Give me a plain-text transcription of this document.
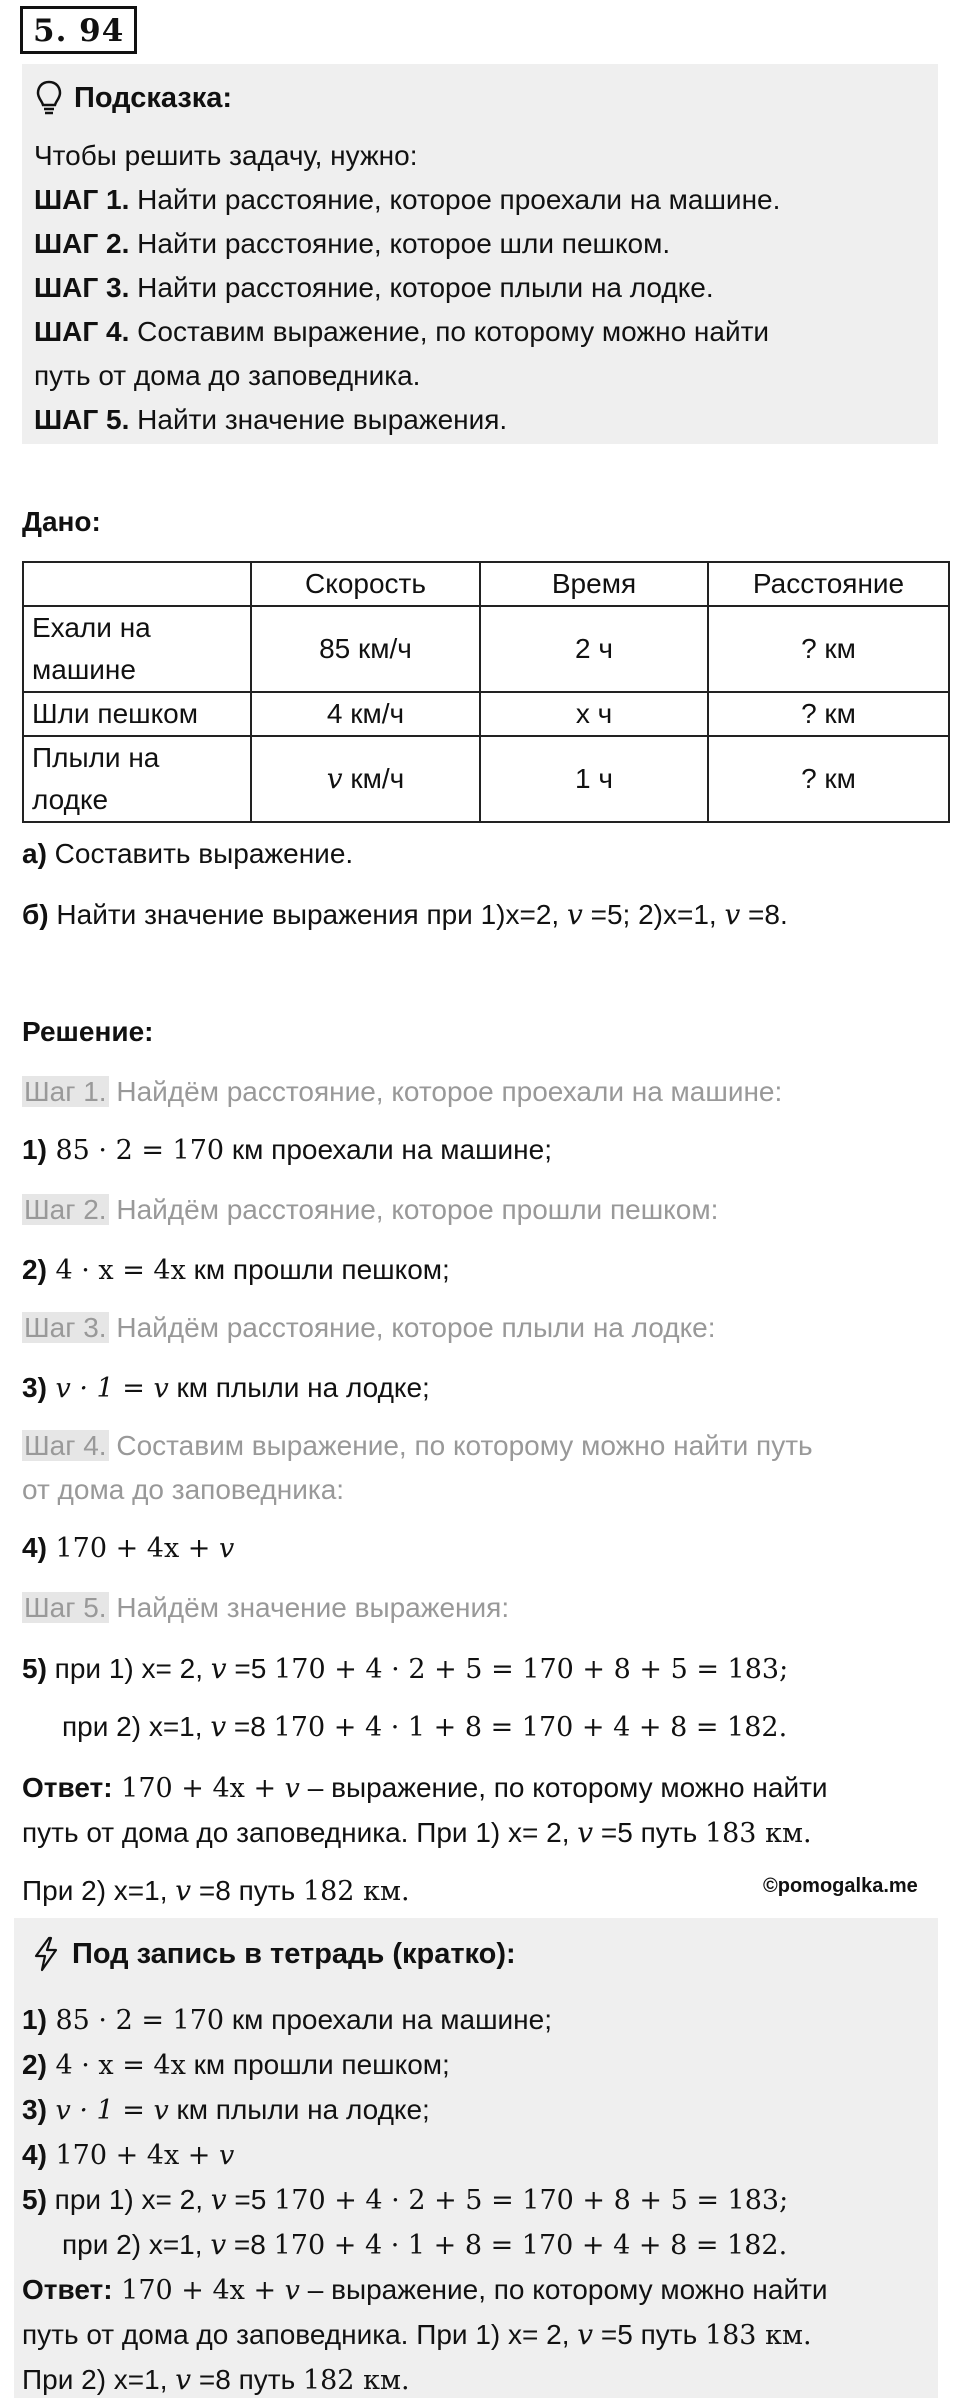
5. 94
Подсказка:
Чтобы решить задачу, нужно:
ШАГ 1. Найти расстояние, которое проехали на машине.
ШАГ 2. Найти расстояние, которое шли пешком.
ШАГ 3. Найти расстояние, которое плыли на лодке.
ШАГ 4. Составим выражение, по которому можно найти
путь от дома до заповедника.
ШАГ 5. Найти значение выражения.
Дано:
	Скорость	Время	Расстояние
Ехали на машине	85 км/ч	2 ч	? км
Шли пешком	4 км/ч	х ч	? км
Плыли на лодке	𝑣 км/ч	1 ч	? км
а) Составить выражение.
б) Найти значение выражения при 1)x=2, 𝑣 =5; 2)x=1, 𝑣 =8.
Решение:
Шаг 1. Найдём расстояние, которое проехали на машине:
1) 85 · 2 = 170 км проехали на машине;
Шаг 2. Найдём расстояние, которое прошли пешком:
2) 4 · x = 4x км прошли пешком;
Шаг 3. Найдём расстояние, которое плыли на лодке:
3) 𝑣 · 1 = 𝑣 км плыли на лодке;
Шаг 4. Составим выражение, по которому можно найти путь
от дома до заповедника:
4) 170 + 4x + 𝑣
Шаг 5. Найдём значение выражения:
5) при 1) x= 2, 𝑣 =5 170 + 4 · 2 + 5 = 170 + 8 + 5 = 183;
при 2) x=1, 𝑣 =8 170 + 4 · 1 + 8 = 170 + 4 + 8 = 182.
Ответ: 170 + 4x + 𝑣 – выражение, по которому можно найти
путь от дома до заповедника. При 1) x= 2, 𝑣 =5 путь 183 км.
При 2) x=1, 𝑣 =8 путь 182 км.	©pomogalka.me
Под запись в тетрадь (кратко):
1) 85 · 2 = 170 км проехали на машине;
2) 4 · x = 4x км прошли пешком;
3) 𝑣 · 1 = 𝑣 км плыли на лодке;
4) 170 + 4x + 𝑣
5) при 1) x= 2, 𝑣 =5 170 + 4 · 2 + 5 = 170 + 8 + 5 = 183;
при 2) x=1, 𝑣 =8 170 + 4 · 1 + 8 = 170 + 4 + 8 = 182.
Ответ: 170 + 4x + 𝑣 – выражение, по которому можно найти
путь от дома до заповедника. При 1) x= 2, 𝑣 =5 путь 183 км.
При 2) x=1, 𝑣 =8 путь 182 км.
